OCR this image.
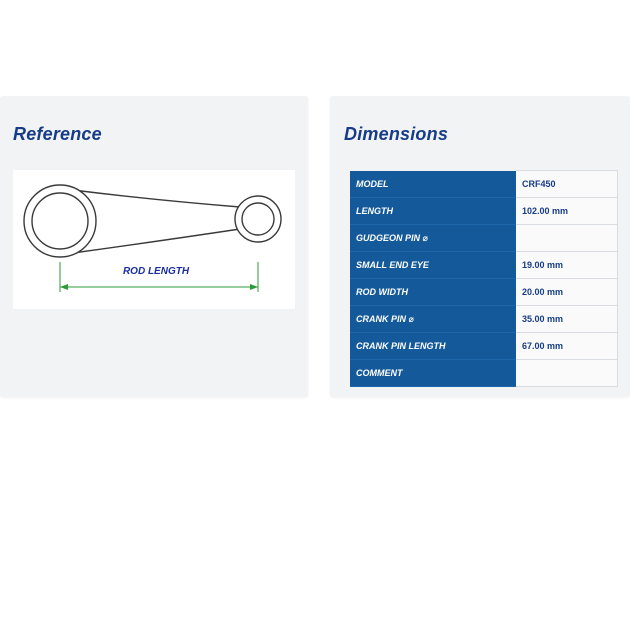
Reference
ROD LENGTH
Dimensions
MODEL	CRF450
LENGTH	102.00 mm
GUDGEON PIN ⌀	
SMALL END EYE	19.00 mm
ROD WIDTH	20.00 mm
CRANK PIN ⌀	35.00 mm
CRANK PIN LENGTH	67.00 mm
COMMENT	
